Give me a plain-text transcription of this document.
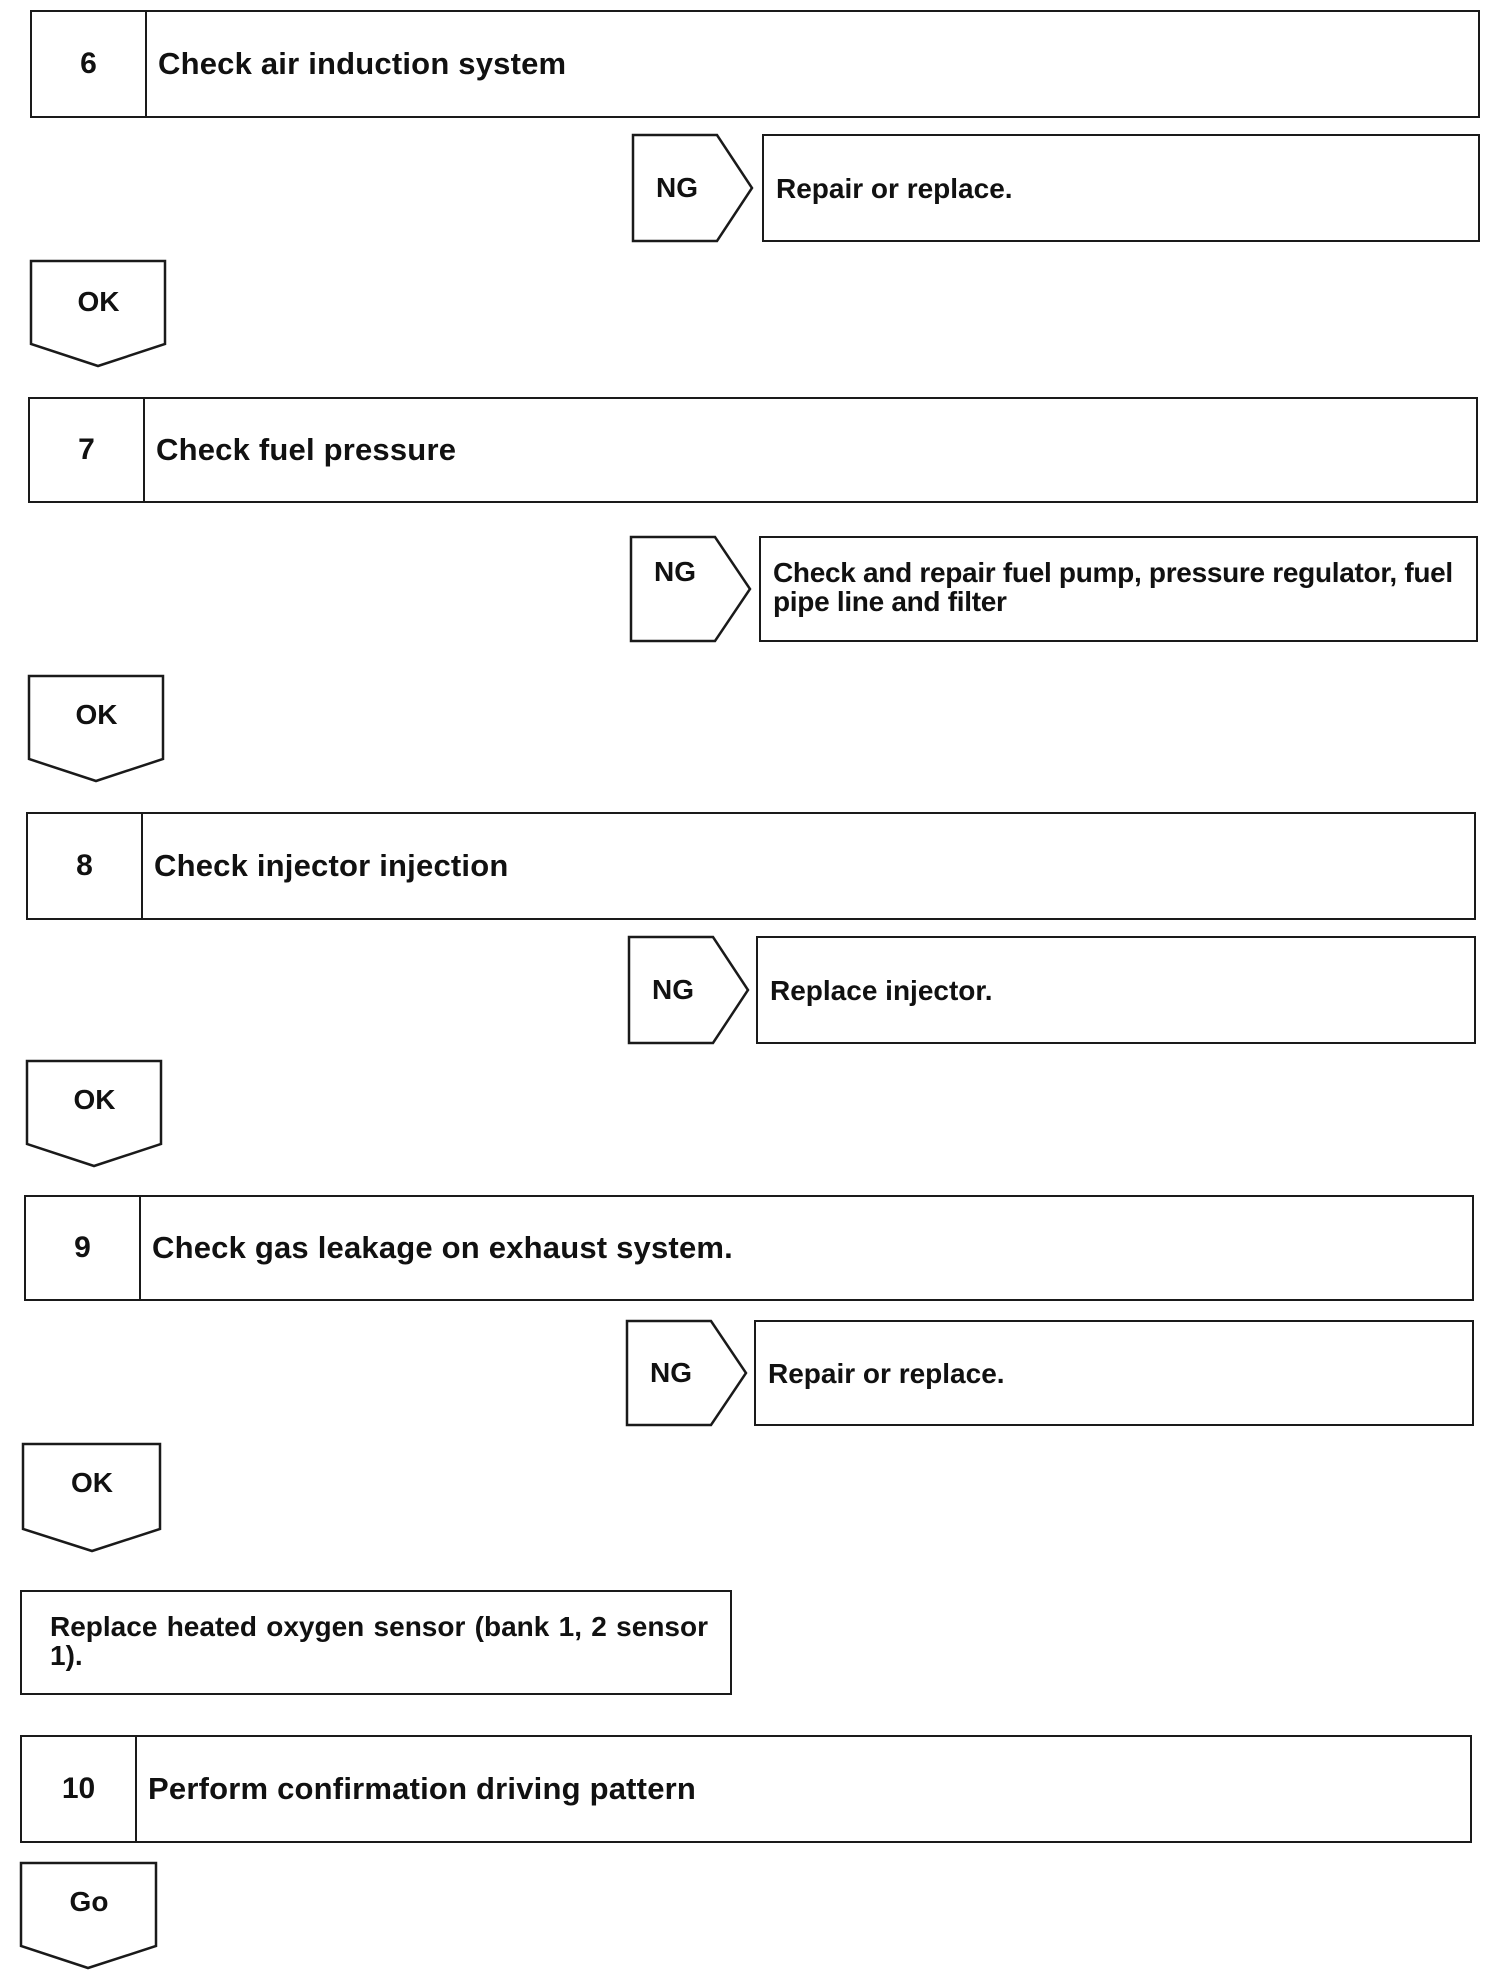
6	Check air induction system
NG	Repair or replace.
OK
7	Check fuel pressure
NG	Check and repair fuel pump, pressure regulator, fuel pipe line and filter
OK
8	Check injector injection
NG	Replace injector.
OK
9	Check gas leakage on exhaust system.
NG	Repair or replace.
OK
Replace heated oxygen sensor (bank 1, 2 sensor 1).
10	Perform confirmation driving pattern
Go
